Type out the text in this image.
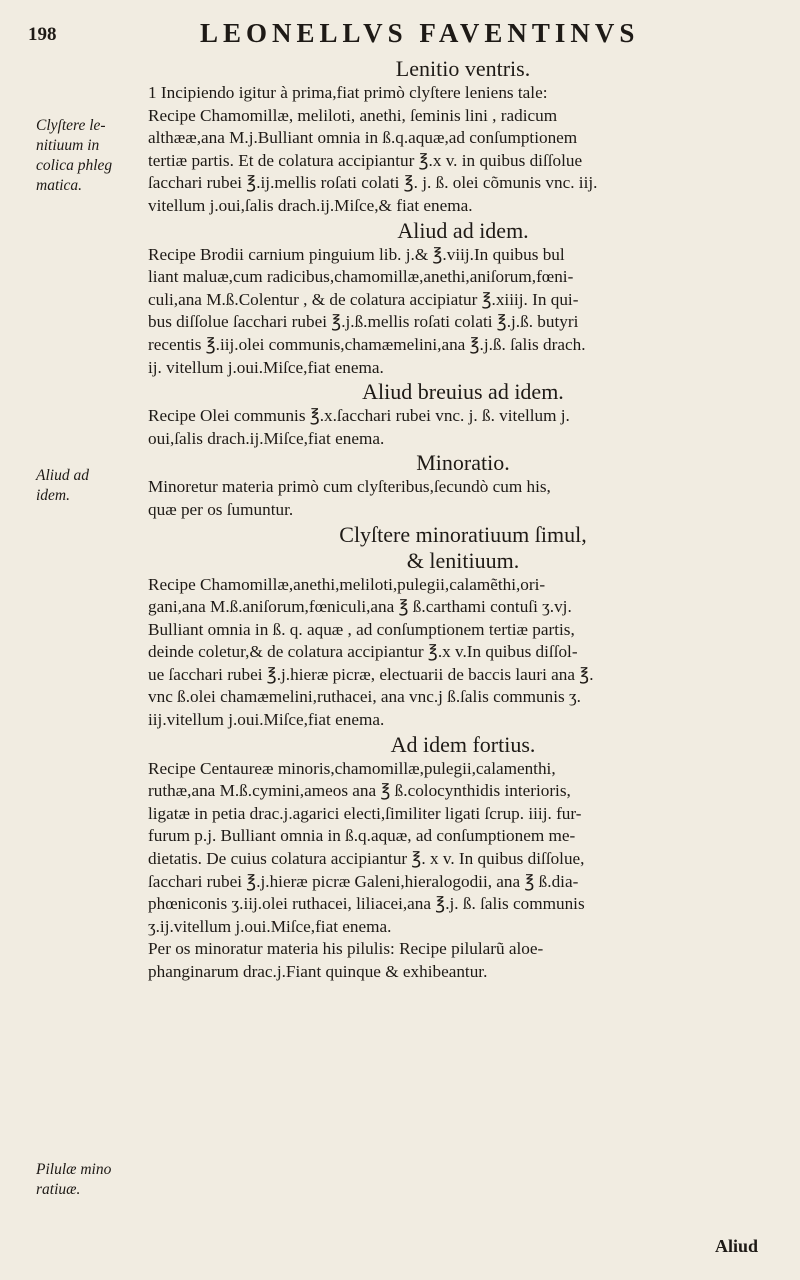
198	LEONELLVS FAVENTINVS
Clyſtere le-
nitiuum in
colica phleg
matica.
Aliud ad
idem.
Pilulæ mino
ratiuæ.
Lenitio ventris.
1 Incipiendo igitur à prima,fiat primò clyſtere leniens tale:
Recipe Chamomillæ, meliloti, anethi, ſeminis lini , radicum
althææ,ana M.j.Bulliant omnia in ß.q.aquæ,ad conſumptionem
tertiæ partis. Et de colatura accipiantur ℥.x v. in quibus diſſolue
ſacchari rubei ℥.ij.mellis roſati colati ℥. j. ß. olei cõmunis vnc. iij.
vitellum j.oui,ſalis drach.ij.Miſce,& fiat enema.
Aliud ad idem.
Recipe Brodii carnium pinguium lib. j.& ℥.viij.In quibus bul
liant maluæ,cum radicibus,chamomillæ,anethi,aniſorum,fœni-
culi,ana M.ß.Colentur , & de colatura accipiatur ℥.xiiij. In qui-
bus diſſolue ſacchari rubei ℥.j.ß.mellis roſati colati ℥.j.ß. butyri
recentis ℥.iij.olei communis,chamæmelini,ana ℥.j.ß. ſalis drach.
ij. vitellum j.oui.Miſce,fiat enema.
Aliud breuius ad idem.
Recipe Olei communis ℥.x.ſacchari rubei vnc. j. ß. vitellum j.
oui,ſalis drach.ij.Miſce,fiat enema.
Minoratio.
Minoretur materia primò cum clyſteribus,ſecundò cum his,
quæ per os ſumuntur.
Clyſtere minoratiuum ſimul,
& lenitiuum.
Recipe Chamomillæ,anethi,meliloti,pulegii,calamẽthi,ori-
gani,ana M.ß.aniſorum,fœniculi,ana ℥ ß.carthami contuſi ʒ.vj.
Bulliant omnia in ß. q. aquæ , ad conſumptionem tertiæ partis,
deinde coletur,& de colatura accipiantur ℥.x v.In quibus diſſol-
ue ſacchari rubei ℥.j.hieræ picræ, electuarii de baccis lauri ana ℥.
vnc ß.olei chamæmelini,ruthacei, ana vnc.j ß.ſalis communis ʒ.
iij.vitellum j.oui.Miſce,fiat enema.
Ad idem fortius.
Recipe Centaureæ minoris,chamomillæ,pulegii,calamenthi,
ruthæ,ana M.ß.cymini,ameos ana ℥ ß.colocynthidis interioris,
ligatæ in petia drac.j.agarici electi,ſimiliter ligati ſcrup. iiij. fur-
furum p.j. Bulliant omnia in ß.q.aquæ, ad conſumptionem me-
dietatis. De cuius colatura accipiantur ℥. x v. In quibus diſſolue,
ſacchari rubei ℥.j.hieræ picræ Galeni,hieralogodii, ana ℥ ß.dia-
phœniconis ʒ.iij.olei ruthacei, liliacei,ana ℥.j. ß. ſalis communis
ʒ.ij.vitellum j.oui.Miſce,fiat enema.
Per os minoratur materia his pilulis: Recipe pilularũ aloe-
phanginarum drac.j.Fiant quinque & exhibeantur.
Aliud
